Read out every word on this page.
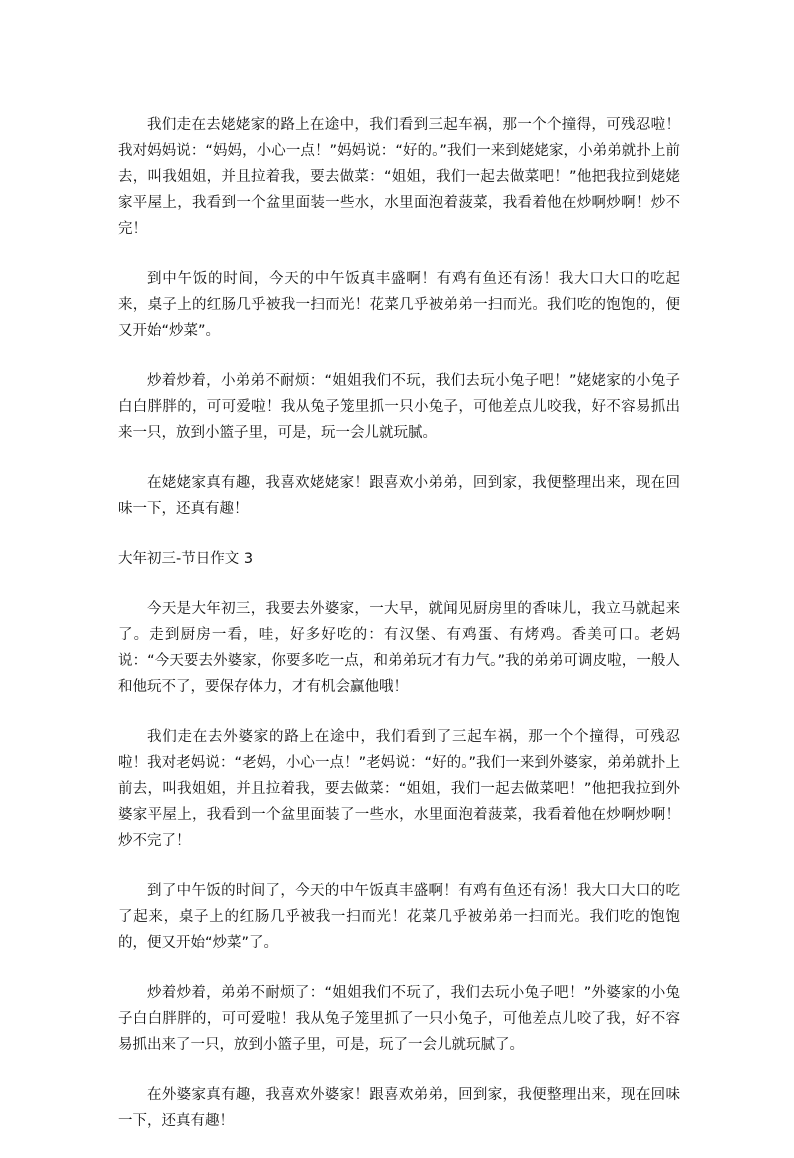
我们走在去姥姥家的路上在途中，我们看到三起车祸，那一个个撞得，可残忍啦！我对妈妈说：“妈妈，小心一点！”妈妈说：“好的。”我们一来到姥姥家，小弟弟就扑上前去，叫我姐姐，并且拉着我，要去做菜：“姐姐，我们一起去做菜吧！”他把我拉到姥姥家平屋上，我看到一个盆里面装一些水，水里面泡着菠菜，我看着他在炒啊炒啊！炒不完！

到中午饭的时间，今天的中午饭真丰盛啊！有鸡有鱼还有汤！我大口大口的吃起来，桌子上的红肠几乎被我一扫而光！花菜几乎被弟弟一扫而光。我们吃的饱饱的，便又开始“炒菜”。

炒着炒着，小弟弟不耐烦：“姐姐我们不玩，我们去玩小兔子吧！”姥姥家的小兔子白白胖胖的，可可爱啦！我从兔子笼里抓一只小兔子，可他差点儿咬我，好不容易抓出来一只，放到小篮子里，可是，玩一会儿就玩腻。

在姥姥家真有趣，我喜欢姥姥家！跟喜欢小弟弟，回到家，我便整理出来，现在回味一下，还真有趣！

大年初三-节日作文 3

今天是大年初三，我要去外婆家，一大早，就闻见厨房里的香味儿，我立马就起来了。走到厨房一看，哇，好多好吃的：有汉堡、有鸡蛋、有烤鸡。香美可口。老妈说：“今天要去外婆家，你要多吃一点，和弟弟玩才有力气。”我的弟弟可调皮啦，一般人和他玩不了，要保存体力，才有机会赢他哦！

我们走在去外婆家的路上在途中，我们看到了三起车祸，那一个个撞得，可残忍啦！我对老妈说：“老妈，小心一点！”老妈说：“好的。”我们一来到外婆家，弟弟就扑上前去，叫我姐姐，并且拉着我，要去做菜：“姐姐，我们一起去做菜吧！”他把我拉到外婆家平屋上，我看到一个盆里面装了一些水，水里面泡着菠菜，我看着他在炒啊炒啊！炒不完了！

到了中午饭的时间了，今天的中午饭真丰盛啊！有鸡有鱼还有汤！我大口大口的吃了起来，桌子上的红肠几乎被我一扫而光！花菜几乎被弟弟一扫而光。我们吃的饱饱的，便又开始“炒菜”了。

炒着炒着，弟弟不耐烦了：“姐姐我们不玩了，我们去玩小兔子吧！”外婆家的小兔子白白胖胖的，可可爱啦！我从兔子笼里抓了一只小兔子，可他差点儿咬了我，好不容易抓出来了一只，放到小篮子里，可是，玩了一会儿就玩腻了。

在外婆家真有趣，我喜欢外婆家！跟喜欢弟弟，回到家，我便整理出来，现在回味一下，还真有趣！
